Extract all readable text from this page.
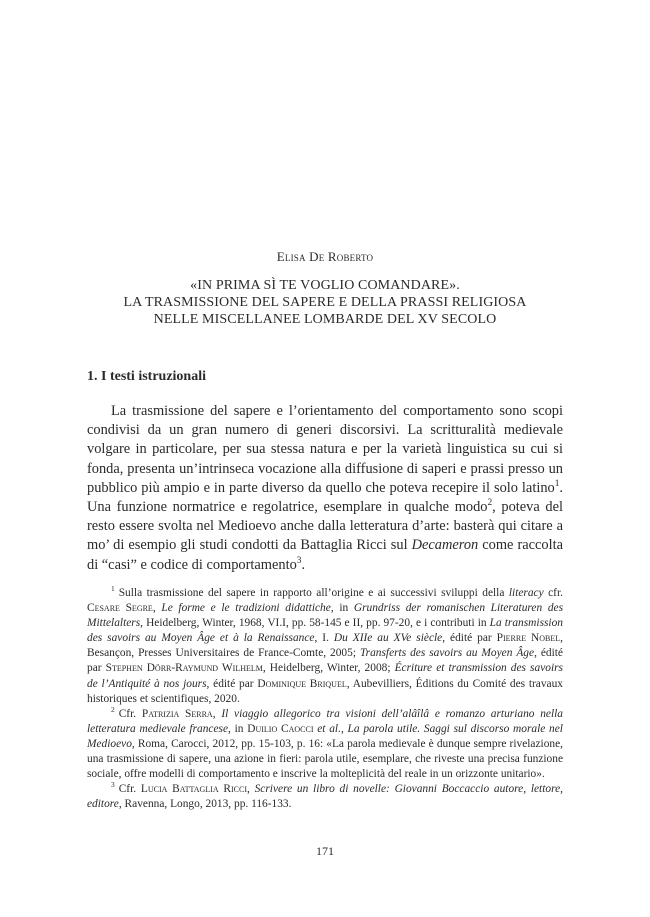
Elisa De Roberto
«IN PRIMA SÌ TE VOGLIO COMANDARE».
LA TRASMISSIONE DEL SAPERE E DELLA PRASSI RELIGIOSA
NELLE MISCELLANEE LOMBARDE DEL XV SECOLO
1. I testi istruzionali

La trasmissione del sapere e l’orientamento del comportamento sono scopi condivisi da un gran numero di generi discorsivi. La scritturalità medievale volgare in particolare, per sua stessa natura e per la varietà linguistica su cui si fonda, presenta un’intrinseca vocazione alla diffusione di saperi e prassi presso un pubblico più ampio e in parte diverso da quello che poteva recepire il solo latino$^1$. Una funzione normatrice e regolatrice, esemplare in qualche modo$^2$, poteva del resto essere svolta nel Medioevo anche dalla letteratura d’arte: basterà qui citare a mo’ di esempio gli studi condotti da Battaglia Ricci sul Decameron come raccolta di “casi” e codice di comportamento$^3$.

$^1$ Sulla trasmissione del sapere in rapporto all’origine e ai successivi sviluppi della literacy cfr. Cesare Segre, Le forme e le tradizioni didattiche, in Grundriss der romanischen Literaturen des Mittelalters, Heidelberg, Winter, 1968, VI.I, pp. 58-145 e II, pp. 97-20, e i contributi in La transmission des savoirs au Moyen Âge et à la Renaissance, I. Du XIIe au XVe siècle, édité par Pierre Nobel, Besançon, Presses Universitaires de France-Comte, 2005; Transferts des savoirs au Moyen Âge, édité par Stephen Dörr-Raymund Wilhelm, Heidelberg, Winter, 2008; Écriture et transmission des savoirs de l’Antiquité à nos jours, édité par Dominique Briquel, Aubevilliers, Éditions du Comité des travaux historiques et scientifiques, 2020.

$^2$ Cfr. Patrizia Serra, Il viaggio allegorico tra visioni dell’alâîlâ e romanzo arturiano nella letteratura medievale francese, in Duilio Caocci et al., La parola utile. Saggi sul discorso morale nel Medioevo, Roma, Carocci, 2012, pp. 15-103, p. 16: «La parola medievale è dunque sempre rivelazione, una trasmissione di sapere, una azione in fieri: parola utile, esemplare, che riveste una precisa funzione sociale, offre modelli di comportamento e inscrive la molteplicità del reale in un orizzonte unitario».

$^3$ Cfr. Lucia Battaglia Ricci, Scrivere un libro di novelle: Giovanni Boccaccio autore, lettore, editore, Ravenna, Longo, 2013, pp. 116-133.

171
